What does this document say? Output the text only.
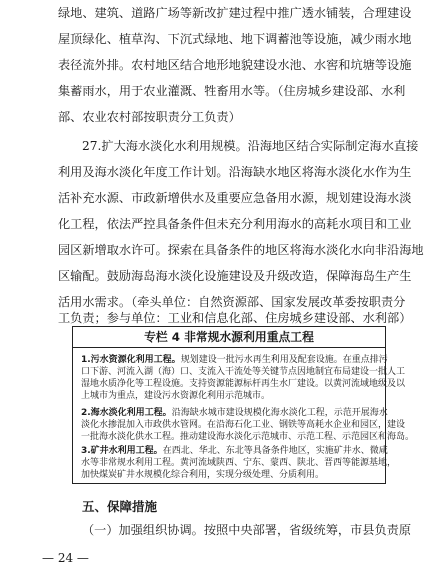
绿地、建筑、道路广场等新改扩建过程中推广透水铺装，合理建设
屋顶绿化、植草沟、下沉式绿地、地下调蓄池等设施，减少雨水地
表径流外排。农村地区结合地形地貌建设水池、水窖和坑塘等设施
集蓄雨水，用于农业灌溉、牲畜用水等。（住房城乡建设部、水利
部、农业农村部按职责分工负责）
27.扩大海水淡化水利用规模。沿海地区结合实际制定海水直接
利用及海水淡化年度工作计划。沿海缺水地区将海水淡化水作为生
活补充水源、市政新增供水及重要应急备用水源，规划建设海水淡
化工程，依法严控具备条件但未充分利用海水的高耗水项目和工业
园区新增取水许可。探索在具备条件的地区将海水淡化水向非沿海地
区输配。鼓励海岛海水淡化设施建设及升级改造，保障海岛生产生
活用水需求。（牵头单位：自然资源部、国家发展改革委按职责分
工负责；参与单位：工业和信息化部、住房城乡建设部、水利部）
专栏 4 非常规水源利用重点工程
1.污水资源化利用工程。规划建设一批污水再生利用及配套设施。在重点排污
口下游、河流入湖（海）口、支流入干流处等关键节点因地制宜布局建设一批人工
湿地水质净化等工程设施。支持资源能源标杆再生水厂建设。以黄河流域地级及以
上城市为重点，建设污水资源化利用示范城市。
2.海水淡化利用工程。沿海缺水城市建设规模化海水淡化工程，示范开展海水
淡化水掺混加入市政供水管网。在沿海石化工业、钢铁等高耗水企业和园区，建设
一批海水淡化供水工程。推动建设海水淡化示范城市、示范工程、示范园区和海岛。
3.矿井水利用工程。在西北、华北、东北等具备条件地区，实施矿井水、微咸
水等非常规水利用工程。黄河流域陕西、宁东、蒙西、陕北、晋西等能源基地，
加快煤炭矿井水规模化综合利用，实现分级处理、分质利用。
五、保障措施
（一）加强组织协调。按照中央部署，省级统筹，市县负责原
— 24 —
